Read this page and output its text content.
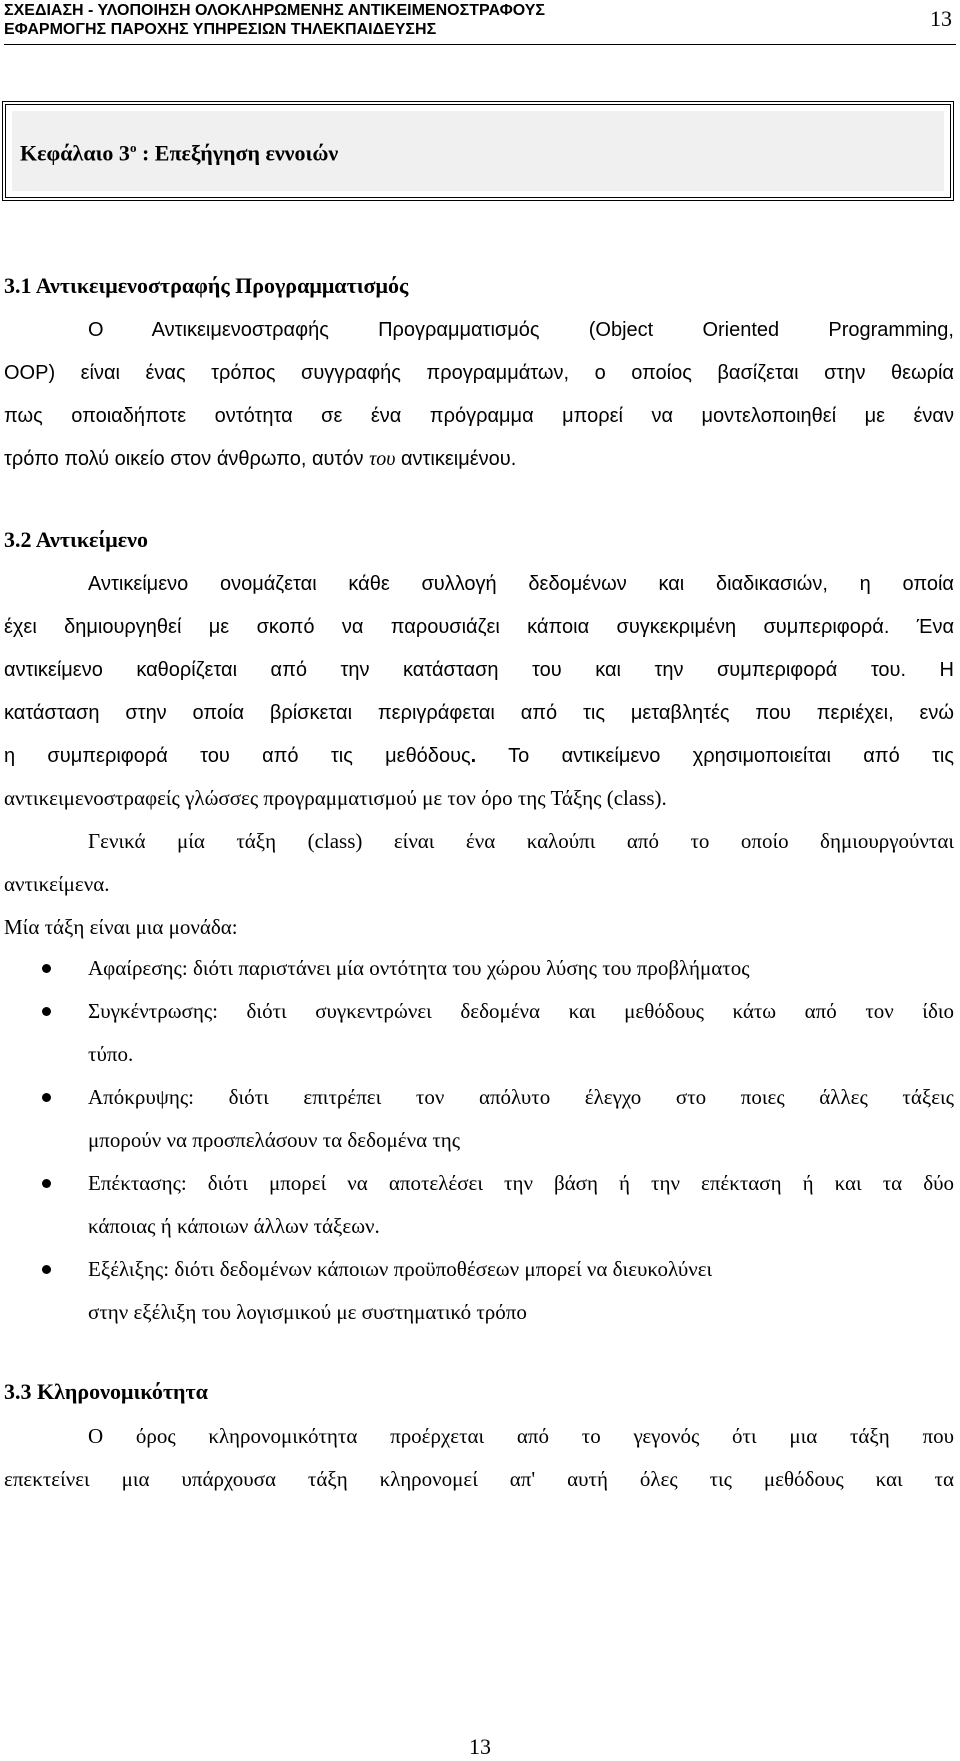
ΣΧΕΔΙΑΣΗ - ΥΛΟΠΟΙΗΣΗ ΟΛΟΚΛΗΡΩΜΕΝΗΣ ΑΝΤΙΚΕΙΜΕΝΟΣΤΡΑΦΟΥΣ
ΕΦΑΡΜΟΓΗΣ ΠΑΡΟΧΗΣ ΥΠΗΡΕΣΙΩΝ ΤΗΛΕΚΠΑΙΔΕΥΣΗΣ	13
Κεφάλαιο $3^o$ : Επεξήγηση εννοιών
3.1 Αντικειμενοστραφής Προγραμματισμός
Ο Αντικειμενοστραφής Προγραμματισμός (Object Oriented Programming,
OOP) είναι ένας τρόπος συγγραφής προγραμμάτων, ο οποίος βασίζεται στην θεωρία
πως οποιαδήποτε οντότητα σε ένα πρόγραμμα μπορεί να μοντελοποιηθεί με έναν
τρόπο πολύ οικείο στον άνθρωπο, αυτόν του αντικειμένου.
3.2 Αντικείμενο
Αντικείμενο ονομάζεται κάθε συλλογή δεδομένων και διαδικασιών, η οποία
έχει δημιουργηθεί με σκοπό να παρουσιάζει κάποια συγκεκριμένη συμπεριφορά. Ένα
αντικείμενο καθορίζεται από την κατάσταση του και την συμπεριφορά του. Η
κατάσταση στην οποία βρίσκεται περιγράφεται από τις μεταβλητές που περιέχει, ενώ
η συμπεριφορά του από τις μεθόδους. Το αντικείμενο χρησιμοποιείται από τις
αντικειμενοστραφείς γλώσσες προγραμματισμού με τον όρο της Τάξης (class).
Γενικά μία τάξη (class) είναι ένα καλούπι από το οποίο δημιουργούνται
αντικείμενα.
Μία τάξη είναι μια μονάδα:
Αφαίρεσης: διότι παριστάνει μία οντότητα του χώρου λύσης του προβλήματος
Συγκέντρωσης: διότι συγκεντρώνει δεδομένα και μεθόδους κάτω από τον ίδιο
τύπο.
Απόκρυψης: διότι επιτρέπει τον απόλυτο έλεγχο στο ποιες άλλες τάξεις
μπορούν να προσπελάσουν τα δεδομένα της
Επέκτασης: διότι μπορεί να αποτελέσει την βάση ή την επέκταση ή και τα δύο
κάποιας ή κάποιων άλλων τάξεων.
Εξέλιξης: διότι δεδομένων κάποιων προϋποθέσεων μπορεί να διευκολύνει
στην εξέλιξη του λογισμικού με συστηματικό τρόπο
3.3 Κληρονομικότητα
Ο όρος κληρονομικότητα προέρχεται από το γεγονός ότι μια τάξη που
επεκτείνει μια υπάρχουσα τάξη κληρονομεί απ' αυτή όλες τις μεθόδους και τα
13
